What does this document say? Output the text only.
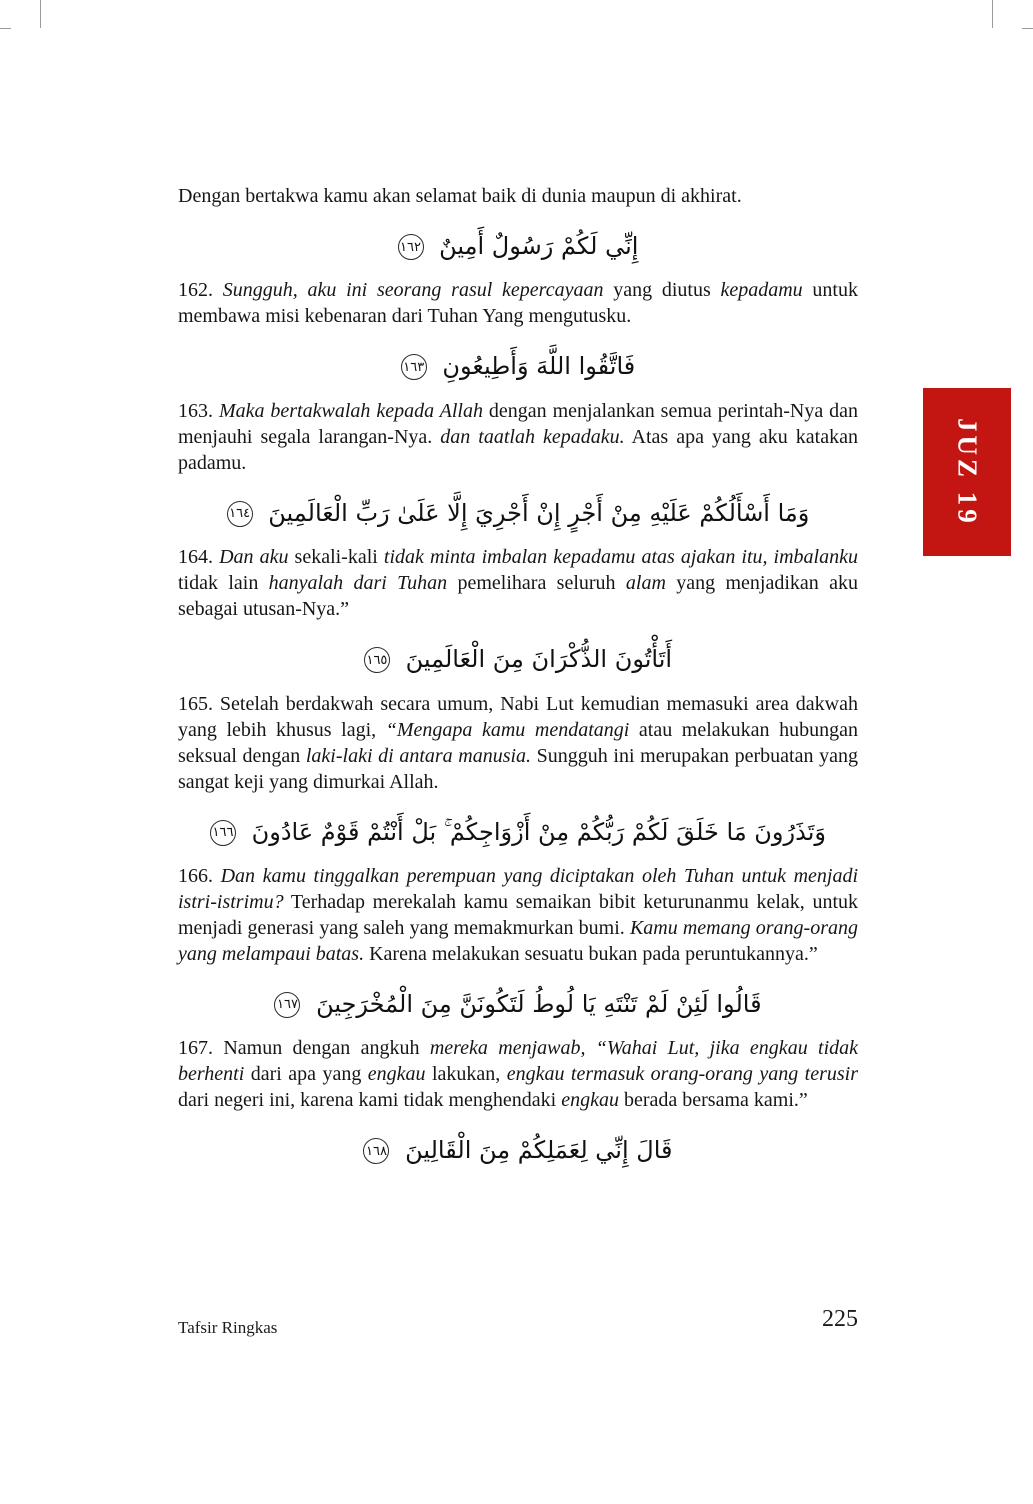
JUZ 19
Dengan bertakwa kamu akan selamat baik di dunia maupun di akhirat.
إِنِّي لَكُمْ رَسُولٌ أَمِينٌ ١٦٢
162. Sungguh, aku ini seorang rasul kepercayaan yang diutus kepadamu untuk membawa misi kebenaran dari Tuhan Yang mengutusku.
فَاتَّقُوا اللَّهَ وَأَطِيعُونِ ١٦٣
163. Maka bertakwalah kepada Allah dengan menjalankan semua perintah-Nya dan menjauhi segala larangan-Nya. dan taatlah kepadaku. Atas apa yang aku katakan padamu.
وَمَا أَسْأَلُكُمْ عَلَيْهِ مِنْ أَجْرٍ إِنْ أَجْرِيَ إِلَّا عَلَىٰ رَبِّ الْعَالَمِينَ ١٦٤
164. Dan aku sekali-kali tidak minta imbalan kepadamu atas ajakan itu, imbalanku tidak lain hanyalah dari Tuhan pemelihara seluruh alam yang menjadikan aku sebagai utusan-Nya.”
أَتَأْتُونَ الذُّكْرَانَ مِنَ الْعَالَمِينَ ١٦٥
165. Setelah berdakwah secara umum, Nabi Lut kemudian memasuki area dakwah yang lebih khusus lagi, “Mengapa kamu mendatangi atau melakukan hubungan seksual dengan laki-laki di antara manusia. Sungguh ini merupakan perbuatan yang sangat keji yang dimurkai Allah.
وَتَذَرُونَ مَا خَلَقَ لَكُمْ رَبُّكُمْ مِنْ أَزْوَاجِكُمْ ۚ بَلْ أَنْتُمْ قَوْمٌ عَادُونَ ١٦٦
166. Dan kamu tinggalkan perempuan yang diciptakan oleh Tuhan untuk menjadi istri-istrimu? Terhadap merekalah kamu semaikan bibit keturunanmu kelak, untuk menjadi generasi yang saleh yang memakmurkan bumi. Kamu memang orang-orang yang melampaui batas. Karena melakukan sesuatu bukan pada peruntukannya.”
قَالُوا لَئِنْ لَمْ تَنْتَهِ يَا لُوطُ لَتَكُونَنَّ مِنَ الْمُخْرَجِينَ ١٦٧
167. Namun dengan angkuh mereka menjawab, “Wahai Lut, jika engkau tidak berhenti dari apa yang engkau lakukan, engkau termasuk orang-orang yang terusir dari negeri ini, karena kami tidak menghendaki engkau berada bersama kami.”
قَالَ إِنِّي لِعَمَلِكُمْ مِنَ الْقَالِينَ ١٦٨
Tafsir Ringkas	225
